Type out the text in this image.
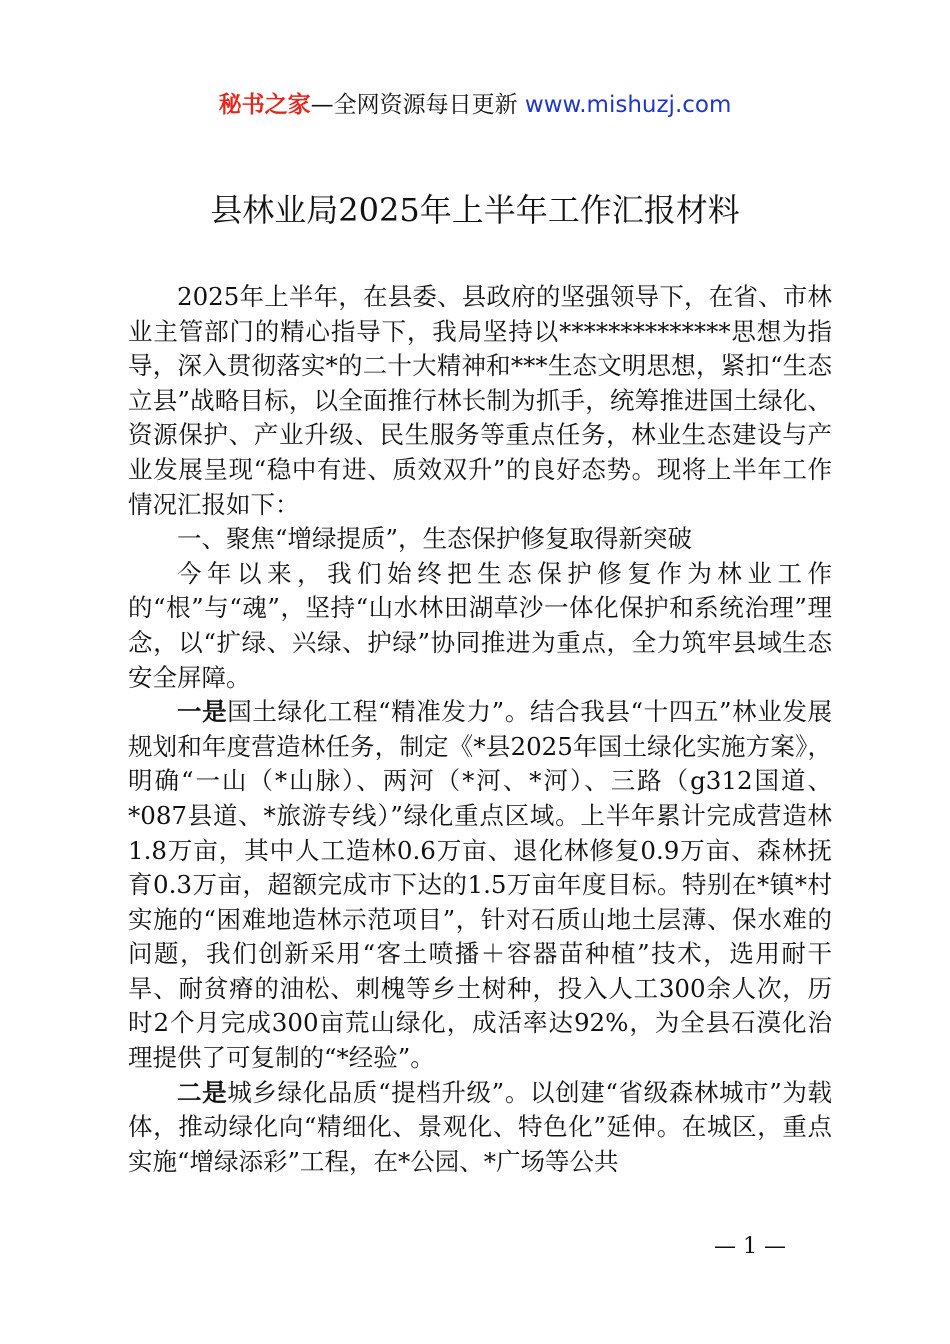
秘书之家—全网资源每日更新 www.mishuzj.com
县林业局2025年上半年工作汇报材料

2025年上半年，在县委、县政府的坚强领导下，在省、市林业主管部门的精心指导下，我局坚持以**************思想为指导，深入贯彻落实*的二十大精神和***生态文明思想，紧扣“生态立县”战略目标，以全面推行林长制为抓手，统筹推进国土绿化、资源保护、产业升级、民生服务等重点任务，林业生态建设与产业发展呈现“稳中有进、质效双升”的良好态势。现将上半年工作情况汇报如下：

一、聚焦“增绿提质”，生态保护修复取得新突破

今年以来，我们始终把生态保护修复作为林业工作的“根”与“魂”，坚持“山水林田湖草沙一体化保护和系统治理”理念，以“扩绿、兴绿、护绿”协同推进为重点，全力筑牢县域生态安全屏障。

一是国土绿化工程“精准发力”。结合我县“十四五”林业发展规划和年度营造林任务，制定《*县2025年国土绿化实施方案》，明确“一山（*山脉）、两河（*河、*河）、三路（g312国道、*087县道、*旅游专线）”绿化重点区域。上半年累计完成营造林1.8万亩，其中人工造林0.6万亩、退化林修复0.9万亩、森林抚育0.3万亩，超额完成市下达的1.5万亩年度目标。特别在*镇*村实施的“困难地造林示范项目”，针对石质山地土层薄、保水难的问题，我们创新采用“客土喷播＋容器苗种植”技术，选用耐干旱、耐贫瘠的油松、刺槐等乡土树种，投入人工300余人次，历时2个月完成300亩荒山绿化，成活率达92%，为全县石漠化治理提供了可复制的“*经验”。

二是城乡绿化品质“提档升级”。以创建“省级森林城市”为载体，推动绿化向“精细化、景观化、特色化”延伸。在城区，重点实施“增绿添彩”工程，在*公园、*广场等公共

— 1 —
